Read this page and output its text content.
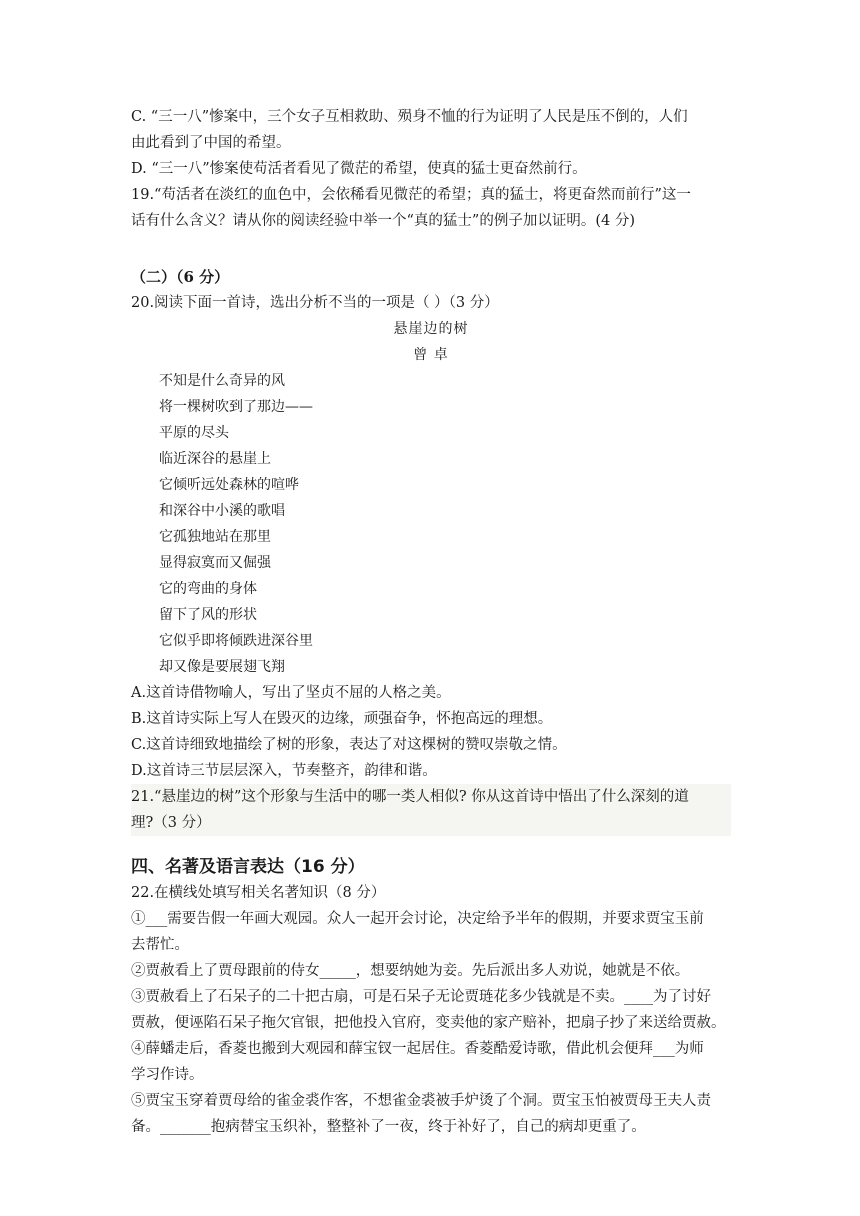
C. “三一八”惨案中，三个女子互相救助、殒身不恤的行为证明了人民是压不倒的，人们
由此看到了中国的希望。
D. “三一八”惨案使苟活者看见了微茫的希望，使真的猛士更奋然前行。
19.“苟活者在淡红的血色中，会依稀看见微茫的希望；真的猛士，将更奋然而前行”这一
话有什么含义？请从你的阅读经验中举一个“真的猛士”的例子加以证明。(4 分)
（二）（6 分）
20.阅读下面一首诗，选出分析不当的一项是（ ）（3 分）
悬崖边的树
曾 卓
不知是什么奇异的风
将一棵树吹到了那边——
平原的尽头
临近深谷的悬崖上
它倾听远处森林的喧哗
和深谷中小溪的歌唱
它孤独地站在那里
显得寂寞而又倔强
它的弯曲的身体
留下了风的形状
它似乎即将倾跌进深谷里
却又像是要展翅飞翔
A.这首诗借物喻人，写出了坚贞不屈的人格之美。
B.这首诗实际上写人在毁灭的边缘，顽强奋争，怀抱高远的理想。
C.这首诗细致地描绘了树的形象，表达了对这棵树的赞叹崇敬之情。
D.这首诗三节层层深入，节奏整齐，韵律和谐。
21.“悬崖边的树”这个形象与生活中的哪一类人相似? 你从这首诗中悟出了什么深刻的道
理?（3 分）
四、名著及语言表达（16 分）
22.在横线处填写相关名著知识（8 分）
①___需要告假一年画大观园。众人一起开会讨论，决定给予半年的假期，并要求贾宝玉前
去帮忙。
②贾赦看上了贾母跟前的侍女_____，想要纳她为妾。先后派出多人劝说，她就是不依。
③贾赦看上了石呆子的二十把古扇，可是石呆子无论贾琏花多少钱就是不卖。____为了讨好
贾赦，便诬陷石呆子拖欠官银，把他投入官府，变卖他的家产赔补，把扇子抄了来送给贾赦。
④薛蟠走后，香菱也搬到大观园和薛宝钗一起居住。香菱酷爱诗歌，借此机会便拜___为师
学习作诗。
⑤贾宝玉穿着贾母给的雀金裘作客，不想雀金裘被手炉烫了个洞。贾宝玉怕被贾母王夫人责
备。_______抱病替宝玉织补，整整补了一夜，终于补好了，自己的病却更重了。
